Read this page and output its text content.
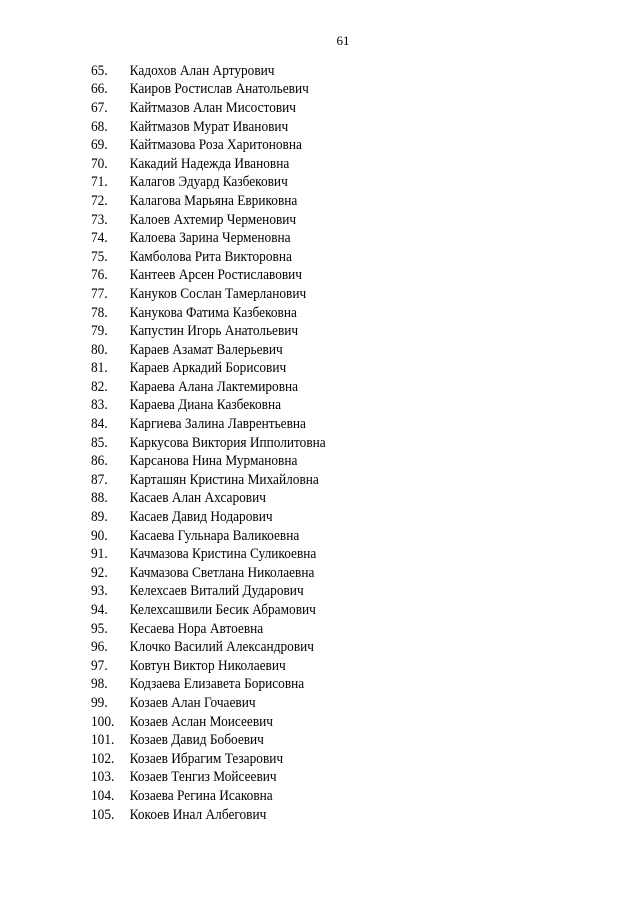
61
65.	Кадохов Алан Артурович
66.	Каиров Ростислав Анатольевич
67.	Кайтмазов Алан Мисостович
68.	Кайтмазов Мурат Иванович
69.	Кайтмазова Роза Харитоновна
70.	Какадий Надежда Ивановна
71.	Калагов Эдуард Казбекович
72.	Калагова Марьяна Евриковна
73.	Калоев Ахтемир Черменович
74.	Калоева Зарина Черменовна
75.	Камболова Рита Викторовна
76.	Кантеев Арсен Ростиславович
77.	Кануков Сослан Тамерланович
78.	Канукова Фатима Казбековна
79.	Капустин Игорь Анатольевич
80.	Караев Азамат Валерьевич
81.	Караев Аркадий Борисович
82.	Караева Алана Лактемировна
83.	Караева Диана Казбековна
84.	Каргиева Залина Лаврентьевна
85.	Каркусова Виктория Ипполитовна
86.	Карсанова Нина Мурмановна
87.	Карташян Кристина Михайловна
88.	Касаев Алан Ахсарович
89.	Касаев Давид Нодарович
90.	Касаева Гульнара Валикоевна
91.	Качмазова Кристина Суликоевна
92.	Качмазова Светлана Николаевна
93.	Келехсаев Виталий Дударович
94.	Келехсашвили Бесик Абрамович
95.	Кесаева Нора Автоевна
96.	Клочко Василий Александрович
97.	Ковтун Виктор Николаевич
98.	Кодзаева Елизавета Борисовна
99.	Козаев Алан Гочаевич
100.	Козаев Аслан Моисеевич
101.	Козаев Давид Бобоевич
102.	Козаев Ибрагим Тезарович
103.	Козаев Тенгиз Мойсеевич
104.	Козаева Регина Исаковна
105.	Кокоев Инал Албегович
